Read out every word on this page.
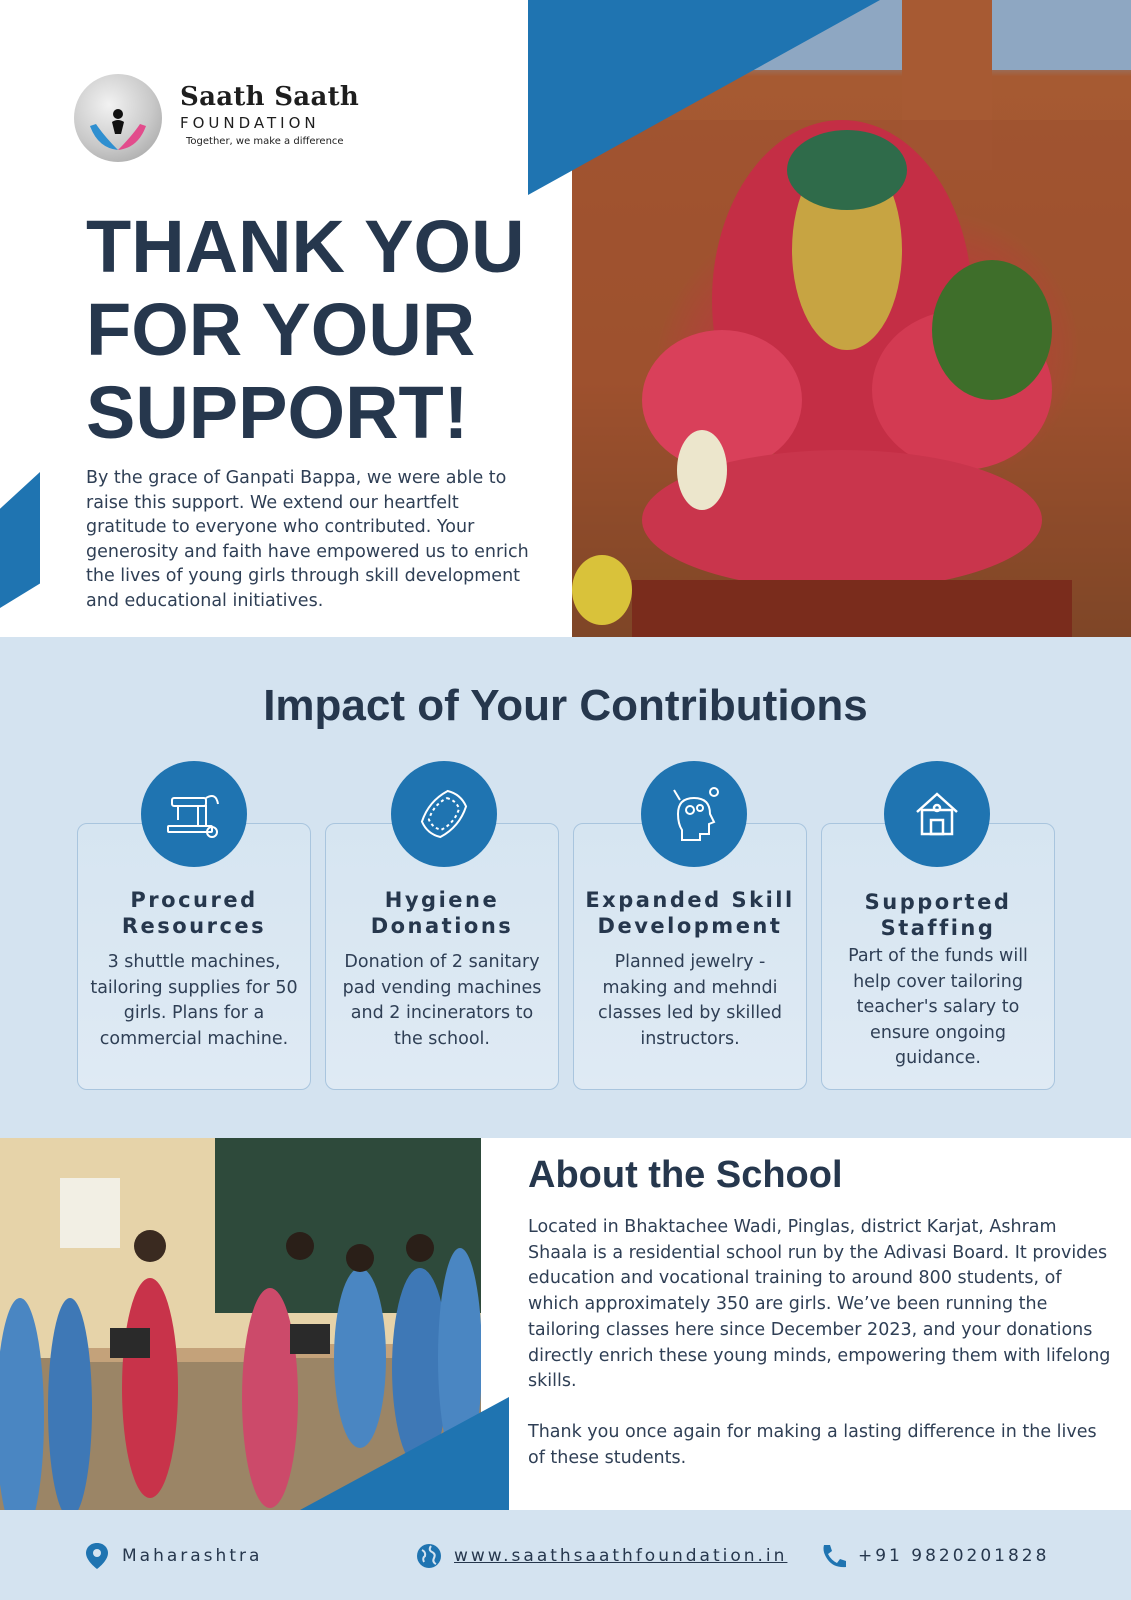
Saath Saath
FOUNDATION
Together, we make a difference
THANK YOU FOR YOUR SUPPORT!

By the grace of Ganpati Bappa, we were able to raise this support. We extend our heartfelt gratitude to everyone who contributed. Your generosity and faith have empowered us to enrich the lives of young girls through skill development and educational initiatives.

Impact of Your Contributions
Procured Resources
3 shuttle machines, tailoring supplies for 50 girls. Plans for a commercial machine.
Hygiene Donations
Donation of 2 sanitary pad vending machines and 2 incinerators to the school.
Expanded Skill Development
Planned jewelry - making and mehndi classes led by skilled instructors.
Supported Staffing
Part of the funds will help cover tailoring teacher's salary to ensure ongoing guidance.
About the School

Located in Bhaktachee Wadi, Pinglas, district Karjat, Ashram Shaala is a residential school run by the Adivasi Board. It provides education and vocational training to around 800 students, of which approximately 350 are girls. We’ve been running the tailoring classes here since December 2023, and your donations directly enrich these young minds, empowering them with lifelong skills.

Thank you once again for making a lasting difference in the lives of these students.

Maharashtra	www.saathsaathfoundation.in	+91 9820201828
